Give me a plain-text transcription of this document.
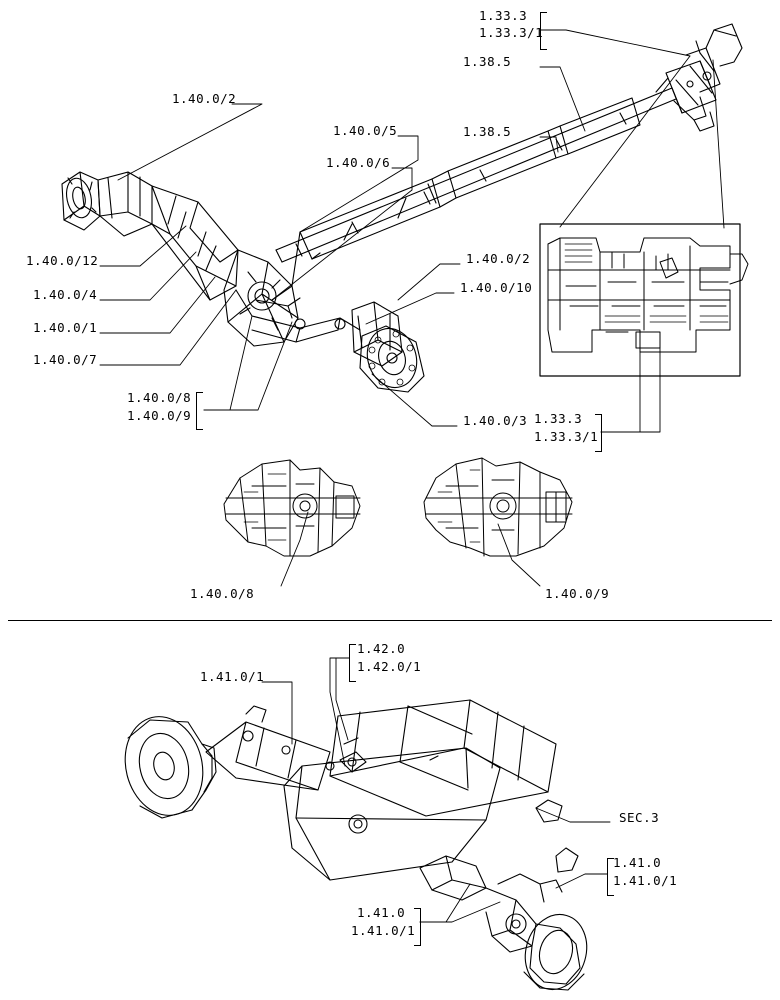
1.33.3
1.33.3/1
1.38.5
1.38.5
1.40.0/2
1.40.0/5
1.40.0/6
1.40.0/12
1.40.0/4
1.40.0/1
1.40.0/7
1.40.0/8
1.40.0/9
1.40.0/2
1.40.0/10
1.40.0/3 1.33.3
1.33.3/1
1.40.0/8	1.40.0/9
1.42.0
1.42.0/1
1.41.0/1
SEC.3
1.41.0
1.41.0/1
1.41.0
1.41.0/1
